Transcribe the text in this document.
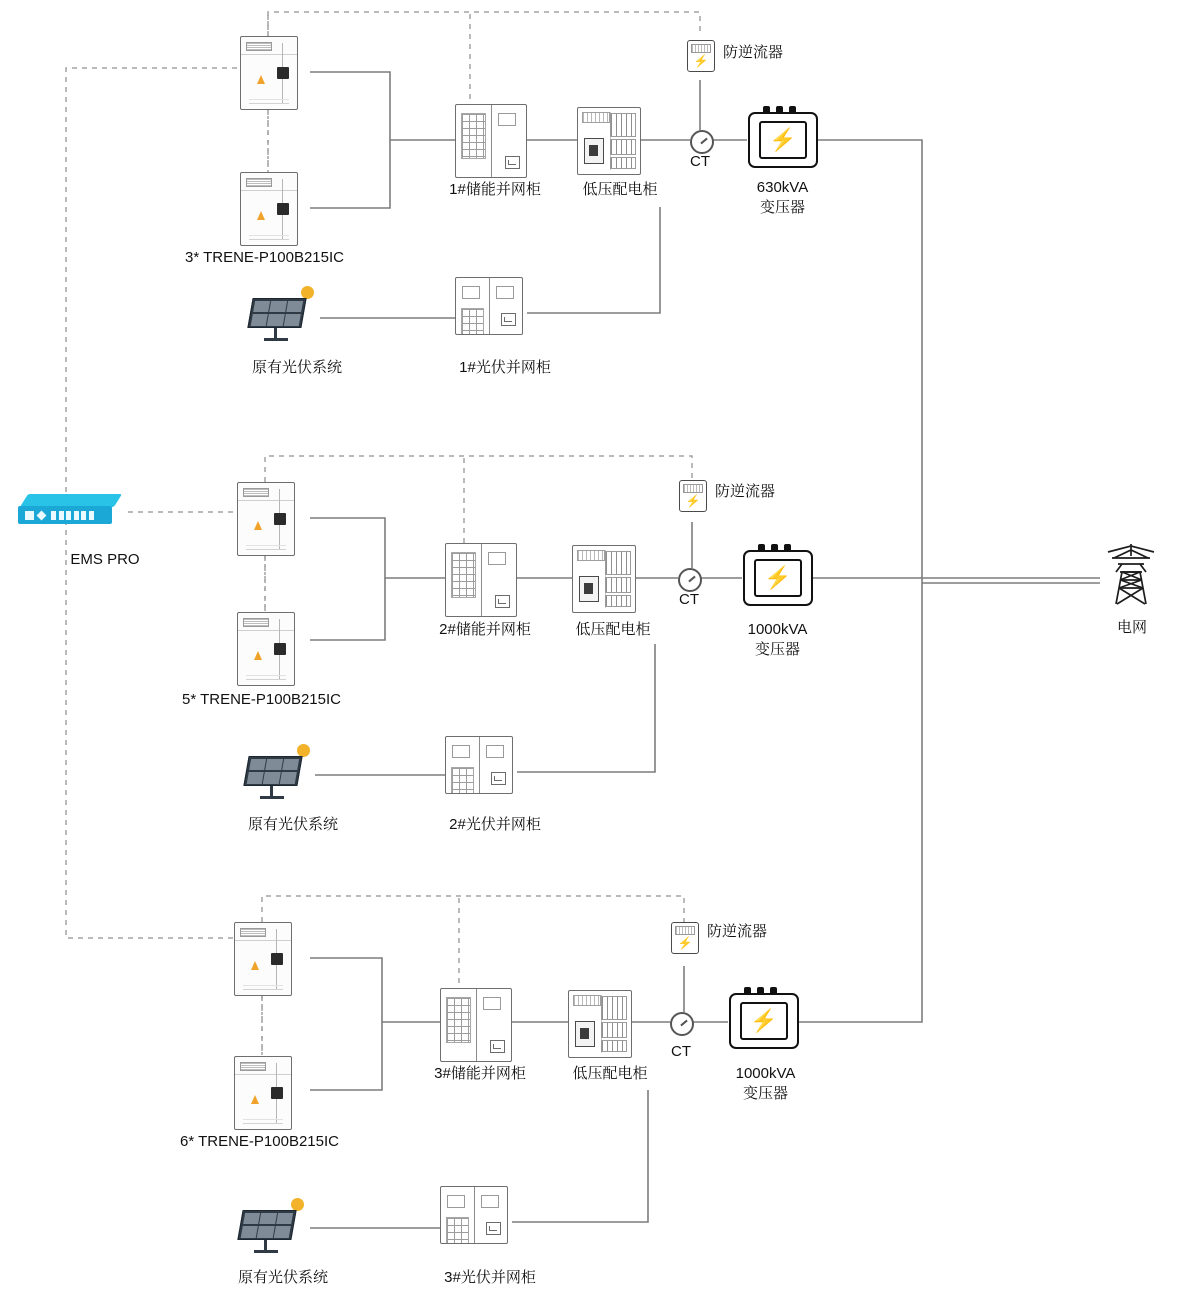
3* TRENE-P100B215IC
1#储能并网柜	低压配电柜
⚡ 防逆流器
CT
⚡
630kVA
变压器
原有光伏系统	1#光伏并网柜
5* TRENE-P100B215IC
2#储能并网柜	低压配电柜
⚡
防逆流器
CT
⚡
1000kVA
变压器
原有光伏系统	2#光伏并网柜
6* TRENE-P100B215IC
3#储能并网柜	低压配电柜
⚡
防逆流器
CT
⚡
1000kVA
变压器
原有光伏系统	3#光伏并网柜
EMS PRO
电网
